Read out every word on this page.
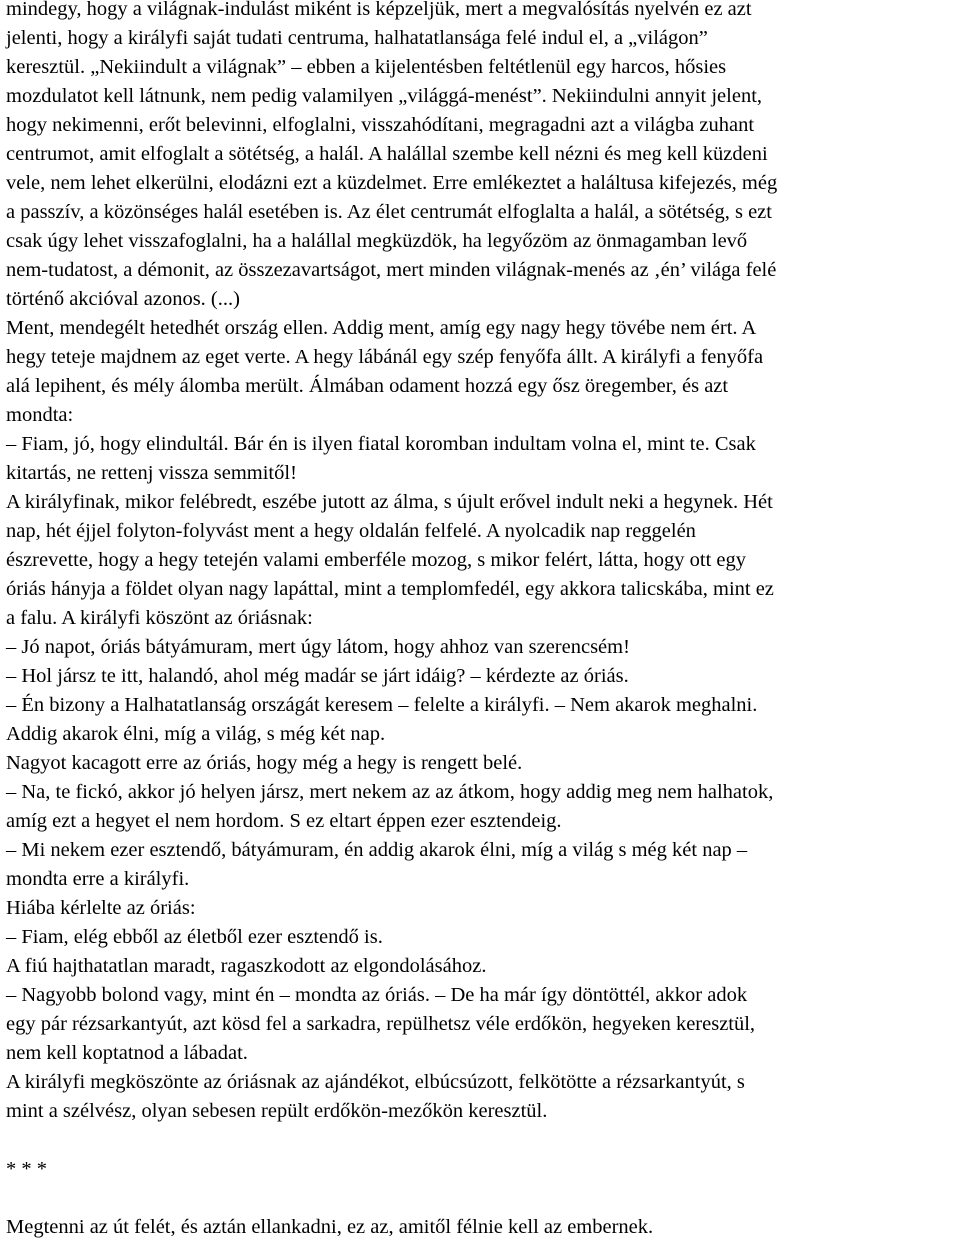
mindegy, hogy a világnak-indulást miként is képzeljük, mert a megvalósítás nyelvén ez azt
jelenti, hogy a királyfi saját tudati centruma, halhatatlansága felé indul el, a „világon”
keresztül. „Nekiindult a világnak” – ebben a kijelentésben feltétlenül egy harcos, hősies
mozdulatot kell látnunk, nem pedig valamilyen „világgá-menést”. Nekiindulni annyit jelent,
hogy nekimenni, erőt belevinni, elfoglalni, visszahódítani, megragadni azt a világba zuhant
centrumot, amit elfoglalt a sötétség, a halál. A halállal szembe kell nézni és meg kell küzdeni
vele, nem lehet elkerülni, elodázni ezt a küzdelmet. Erre emlékeztet a haláltusa kifejezés, még
a passzív, a közönséges halál esetében is. Az élet centrumát elfoglalta a halál, a sötétség, s ezt
csak úgy lehet visszafoglalni, ha a halállal megküzdök, ha legyőzöm az önmagamban levő
nem-tudatost, a démonit, az összezavartságot, mert minden világnak-menés az ‚én’ világa felé
történő akcióval azonos. (...)
Ment, mendegélt hetedhét ország ellen. Addig ment, amíg egy nagy hegy tövébe nem ért. A
hegy teteje majdnem az eget verte. A hegy lábánál egy szép fenyőfa állt. A királyfi a fenyőfa
alá lepihent, és mély álomba merült. Álmában odament hozzá egy ősz öregember, és azt
mondta:
– Fiam, jó, hogy elindultál. Bár én is ilyen fiatal koromban indultam volna el, mint te. Csak
kitartás, ne rettenj vissza semmitől!
A királyfinak, mikor felébredt, eszébe jutott az álma, s újult erővel indult neki a hegynek. Hét
nap, hét éjjel folyton-folyvást ment a hegy oldalán felfelé. A nyolcadik nap reggelén
észrevette, hogy a hegy tetején valami emberféle mozog, s mikor felért, látta, hogy ott egy
óriás hányja a földet olyan nagy lapáttal, mint a templomfedél, egy akkora talicskába, mint ez
a falu. A királyfi köszönt az óriásnak:
– Jó napot, óriás bátyámuram, mert úgy látom, hogy ahhoz van szerencsém!
– Hol jársz te itt, halandó, ahol még madár se járt idáig? – kérdezte az óriás.
– Én bizony a Halhatatlanság országát keresem – felelte a királyfi. – Nem akarok meghalni.
Addig akarok élni, míg a világ, s még két nap.
Nagyot kacagott erre az óriás, hogy még a hegy is rengett belé.
– Na, te fickó, akkor jó helyen jársz, mert nekem az az átkom, hogy addig meg nem halhatok,
amíg ezt a hegyet el nem hordom. S ez eltart éppen ezer esztendeig.
– Mi nekem ezer esztendő, bátyámuram, én addig akarok élni, míg a világ s még két nap –
mondta erre a királyfi.
Hiába kérlelte az óriás:
– Fiam, elég ebből az életből ezer esztendő is.
A fiú hajthatatlan maradt, ragaszkodott az elgondolásához.
– Nagyobb bolond vagy, mint én – mondta az óriás. – De ha már így döntöttél, akkor adok
egy pár rézsarkantyút, azt kösd fel a sarkadra, repülhetsz véle erdőkön, hegyeken keresztül,
nem kell koptatnod a lábadat.
A királyfi megköszönte az óriásnak az ajándékot, elbúcsúzott, felkötötte a rézsarkantyút, s
mint a szélvész, olyan sebesen repült erdőkön-mezőkön keresztül.
* * *
Megtenni az út felét, és aztán ellankadni, ez az, amitől félnie kell az embernek.
